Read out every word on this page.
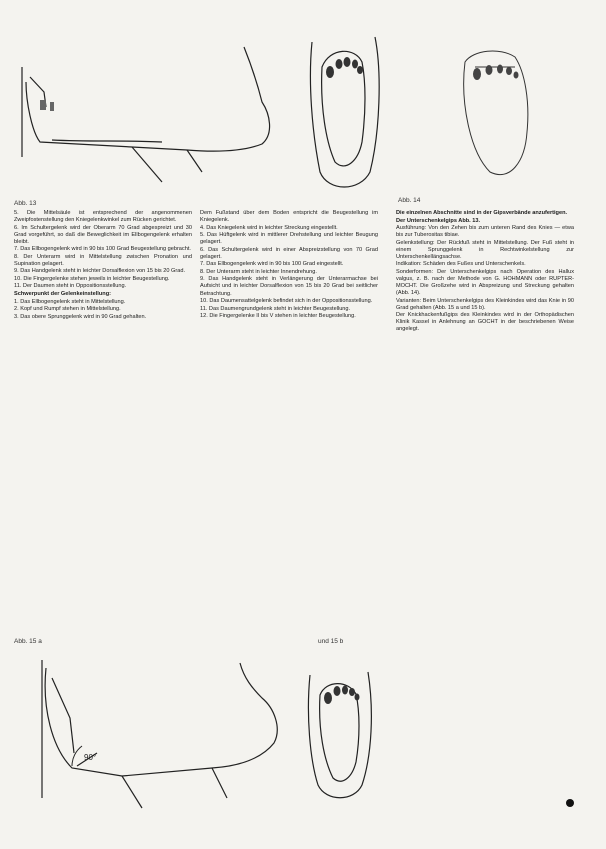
Abb. 13	Abb. 14

5. Die Mittelsäule ist entsprechend der angenommenen Zweipfostenstellung den Kniegelenkwinkel zum Rücken gerichtet.

6. Im Schultergelenk wird der Oberarm 70 Grad abgespreizt und 30 Grad vorgeführt, so daß die Beweglichkeit im Ellbogengelenk erhalten bleibt.

7. Das Ellbogengelenk wird in 90 bis 100 Grad Beugestellung gebracht.

8. Der Unterarm wird in Mittelstellung zwischen Pronation und Supination gelagert.

9. Das Handgelenk steht in leichter Dorsalflexion von 15 bis 20 Grad.

10. Die Fingergelenke stehen jeweils in leichter Beugestellung.

11. Der Daumen steht in Oppositionsstellung.

Schwerpunkt der Gelenkeinstellung:

1. Das Ellbogengelenk steht in Mittelstellung.

2. Kopf und Rumpf stehen in Mittelstellung.

3. Das obere Sprunggelenk wird in 90 Grad gehalten.

Dem Fußstand über dem Boden entspricht die Beugestellung im Kniegelenk.

4. Das Kniegelenk wird in leichter Streckung eingestellt.

5. Das Hüftgelenk wird in mittlerer Drehstellung und leichter Beugung gelagert.

6. Das Schultergelenk wird in einer Abspreizstellung von 70 Grad gelagert.

7. Das Ellbogengelenk wird in 90 bis 100 Grad eingestellt.

8. Der Unterarm steht in leichter Innendrehung.

9. Das Handgelenk steht in Verlängerung der Unterarmachse bei Aufsicht und in leichter Dorsalflexion von 15 bis 20 Grad bei seitlicher Betrachtung.

10. Das Daumensattelgelenk befindet sich in der Oppositionsstellung.

11. Das Daumengrundgelenk steht in leichter Beugestellung.

12. Die Fingergelenke II bis V stehen in leichter Beugestellung.

Die einzelnen Abschnitte sind in der Gipsverbände anzufertigen.

Der Unterschenkelgips Abb. 13.

Ausführung: Von den Zehen bis zum unteren Rand des Knies — etwa bis zur Tuberositas tibiae.

Gelenkstellung: Der Rückfuß steht in Mittelstellung. Der Fuß steht in einem Sprunggelenk in Rechtwinkelstellung zur Unterschenkellängsachse.

Indikation: Schäden des Fußes und Unterschenkels.

Sonderformen: Der Unterschenkelgips nach Operation des Hallux valgus, z. B. nach der Methode von G. HOHMANN oder RUPTER-MOCHT. Die Großzehe wird in Abspreizung und Streckung gehalten (Abb. 14).

Varianten: Beim Unterschenkelgips des Kleinkindes wird das Knie in 90 Grad gehalten (Abb. 15 a und 15 b).

Der Knickhackenfußgips des Kleinkindes wird in der Orthopädischen Klinik Kassel in Anlehnung an GOCHT in der beschriebenen Weise angelegt.

Abb. 15 a	und 15 b
90°
